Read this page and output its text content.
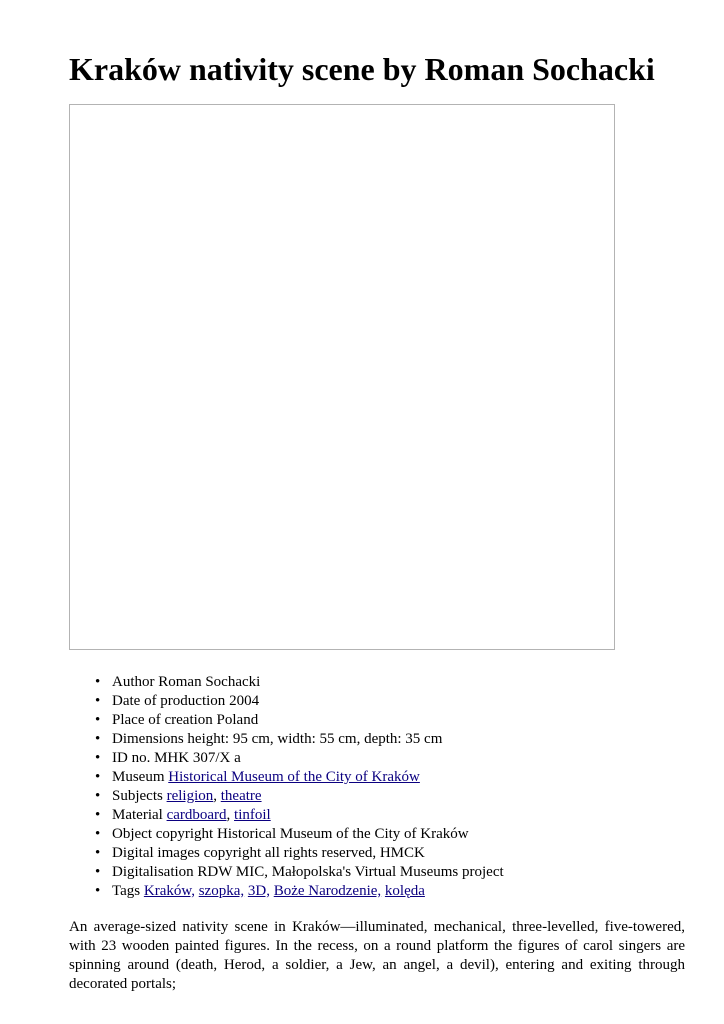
Kraków nativity scene by Roman Sochacki
• Author Roman Sochacki
• Date of production 2004
• Place of creation Poland
• Dimensions height: 95 cm, width: 55 cm, depth: 35 cm
• ID no. MHK 307/X a
• Museum Historical Museum of the City of Kraków
• Subjects religion, theatre
• Material cardboard, tinfoil
• Object copyright Historical Museum of the City of Kraków
• Digital images copyright all rights reserved, HMCK
• Digitalisation RDW MIC, Małopolska's Virtual Museums project
• Tags Kraków, szopka, 3D, Boże Narodzenie, kolęda

An average-sized nativity scene in Kraków—illuminated, mechanical, three-levelled, five-towered, with 23 wooden painted figures. In the recess, on a round platform the figures of carol singers are spinning around (death, Herod, a soldier, a Jew, an angel, a devil), entering and exiting through decorated portals;
